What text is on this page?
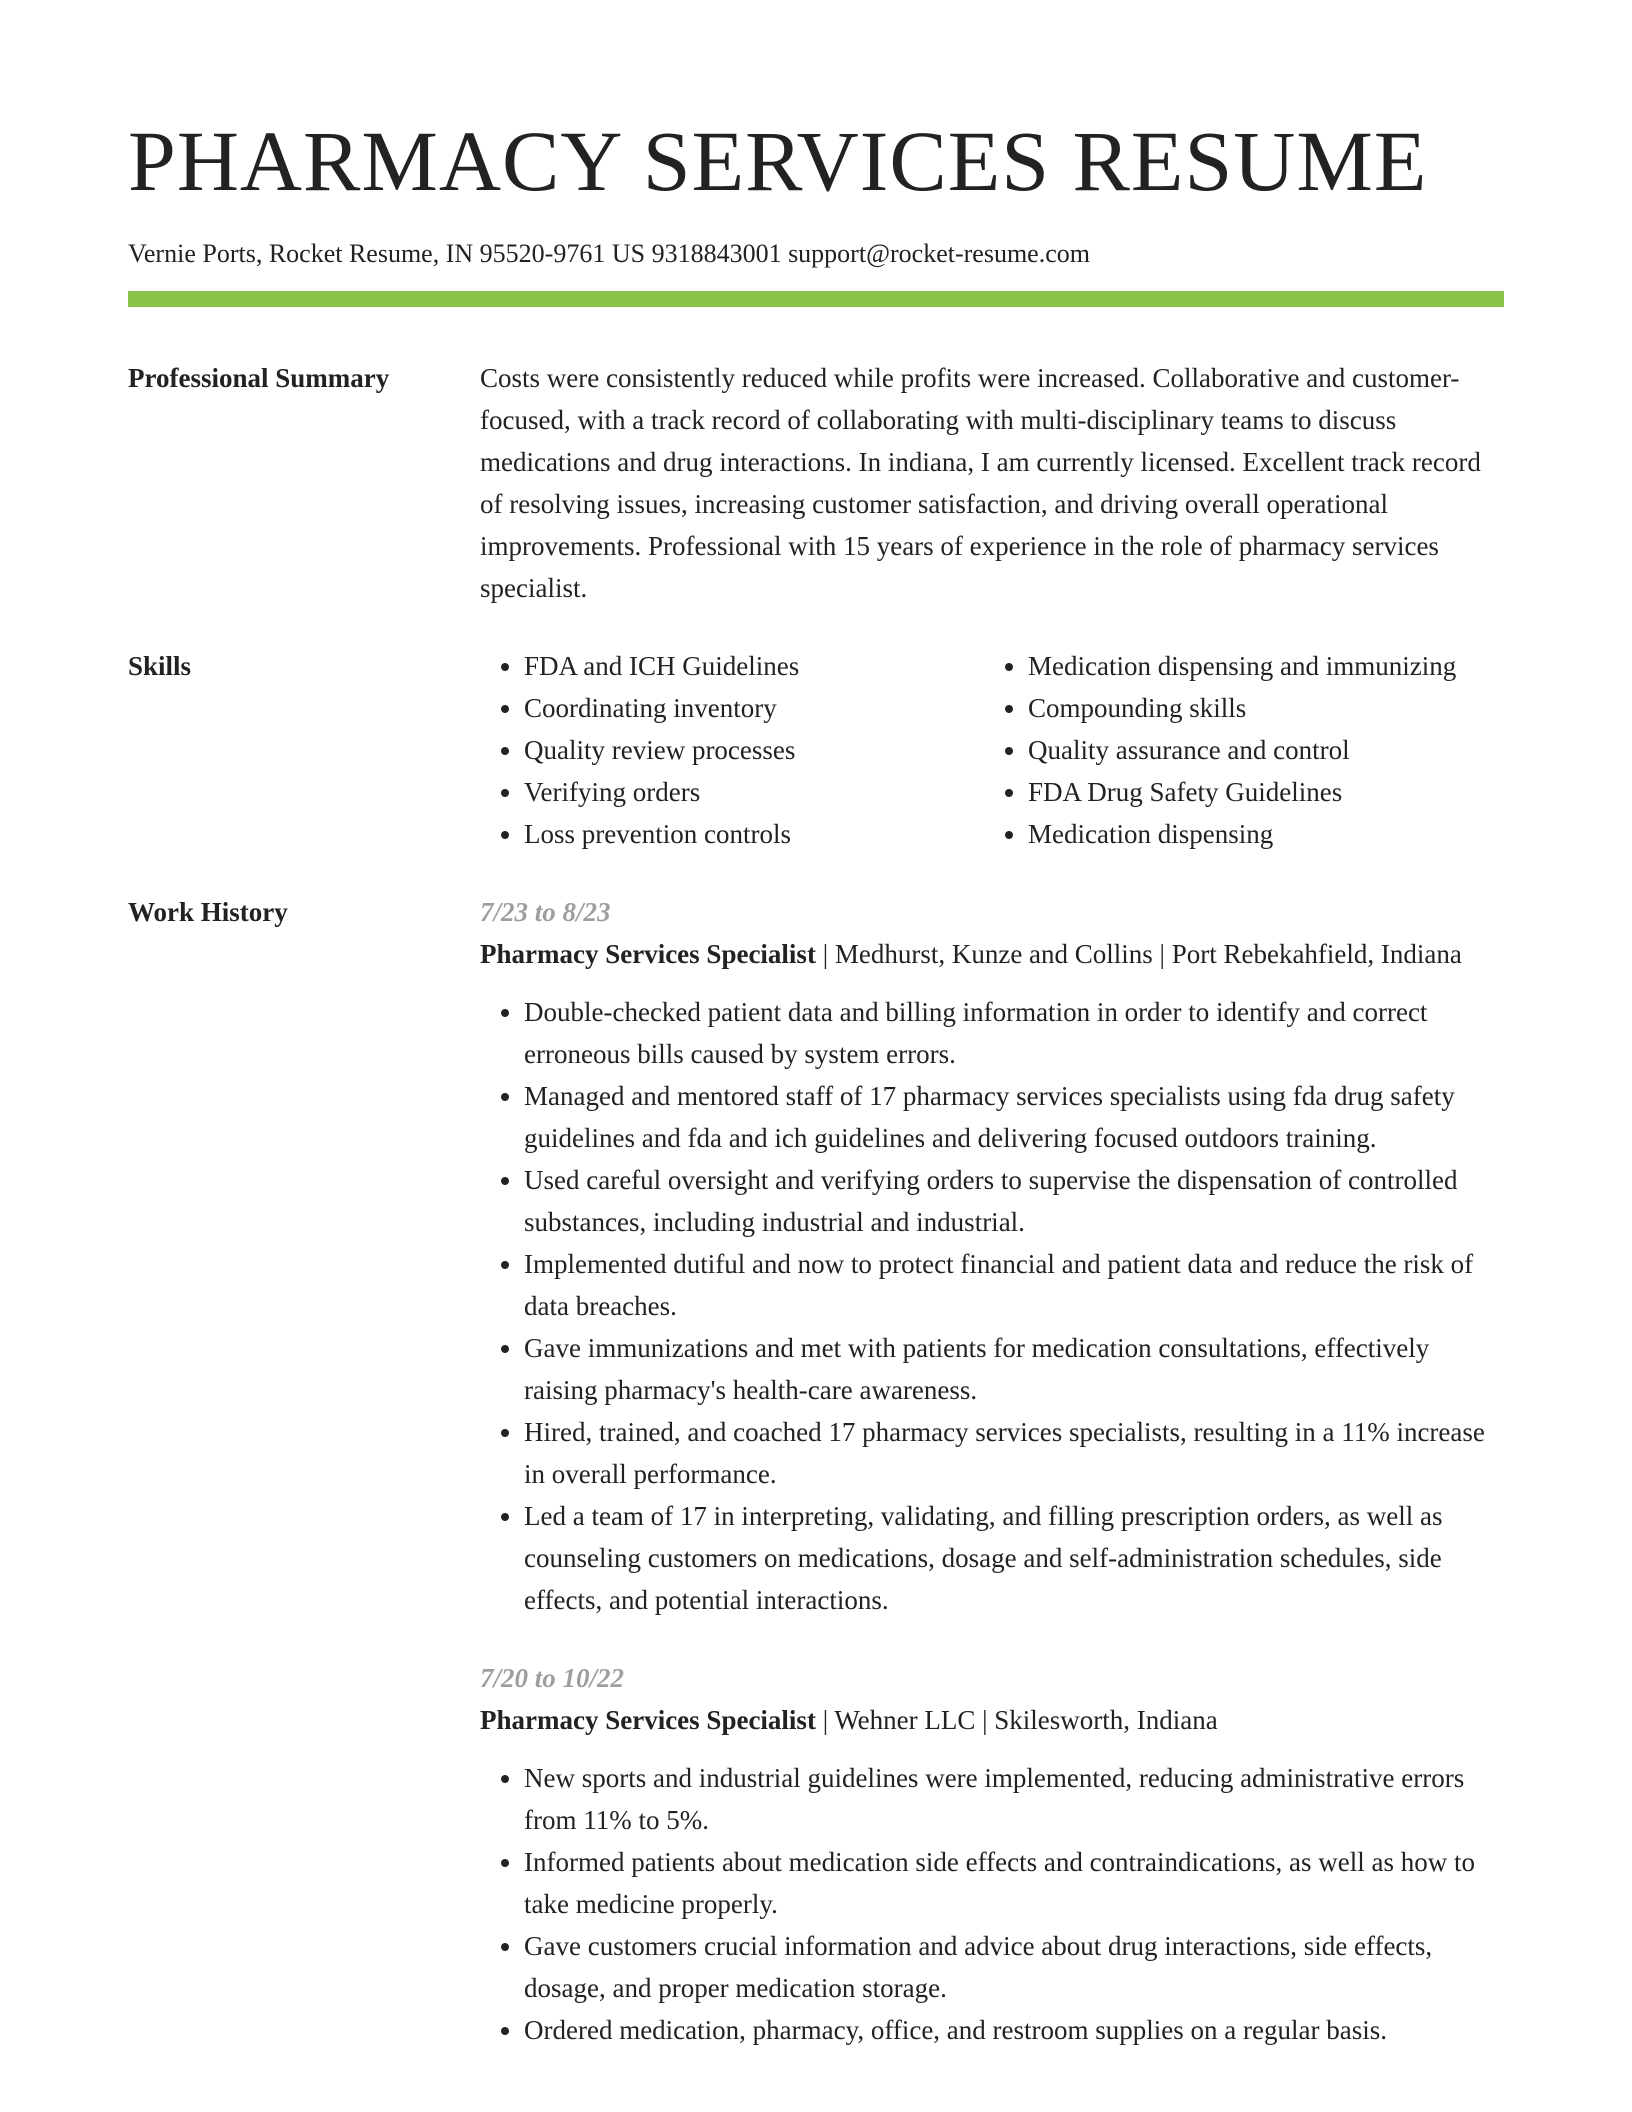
PHARMACY SERVICES RESUME
Vernie Ports, Rocket Resume, IN 95520-9761 US 9318843001 support@rocket-resume.com
Professional Summary	Costs were consistently reduced while profits were increased. Collaborative and customer-focused, with a track record of collaborating with multi-disciplinary teams to discuss medications and drug interactions. In indiana, I am currently licensed. Excellent track record of resolving issues, increasing customer satisfaction, and driving overall operational improvements. Professional with 15 years of experience in the role of pharmacy services specialist.

Skills
•	FDA and ICH Guidelines
• Coordinating inventory
• Quality review processes
• Verifying orders
• Loss prevention controls
• Medication dispensing and immunizing
• Compounding skills
• Quality assurance and control
• FDA Drug Safety Guidelines
• Medication dispensing
Work History	7/23 to 8/23
Pharmacy Services Specialist | Medhurst, Kunze and Collins | Port Rebekahfield, Indiana
• Double-checked patient data and billing information in order to identify and correct erroneous bills caused by system errors.
• Managed and mentored staff of 17 pharmacy services specialists using fda drug safety guidelines and fda and ich guidelines and delivering focused outdoors training.
• Used careful oversight and verifying orders to supervise the dispensation of controlled substances, including industrial and industrial.
• Implemented dutiful and now to protect financial and patient data and reduce the risk of data breaches.
• Gave immunizations and met with patients for medication consultations, effectively raising pharmacy's health-care awareness.
• Hired, trained, and coached 17 pharmacy services specialists, resulting in a 11% increase in overall performance.
• Led a team of 17 in interpreting, validating, and filling prescription orders, as well as counseling customers on medications, dosage and self-administration schedules, side effects, and potential interactions.
7/20 to 10/22
Pharmacy Services Specialist | Wehner LLC | Skilesworth, Indiana
• New sports and industrial guidelines were implemented, reducing administrative errors from 11% to 5%.
• Informed patients about medication side effects and contraindications, as well as how to take medicine properly.
• Gave customers crucial information and advice about drug interactions, side effects, dosage, and proper medication storage.
• Ordered medication, pharmacy, office, and restroom supplies on a regular basis.
